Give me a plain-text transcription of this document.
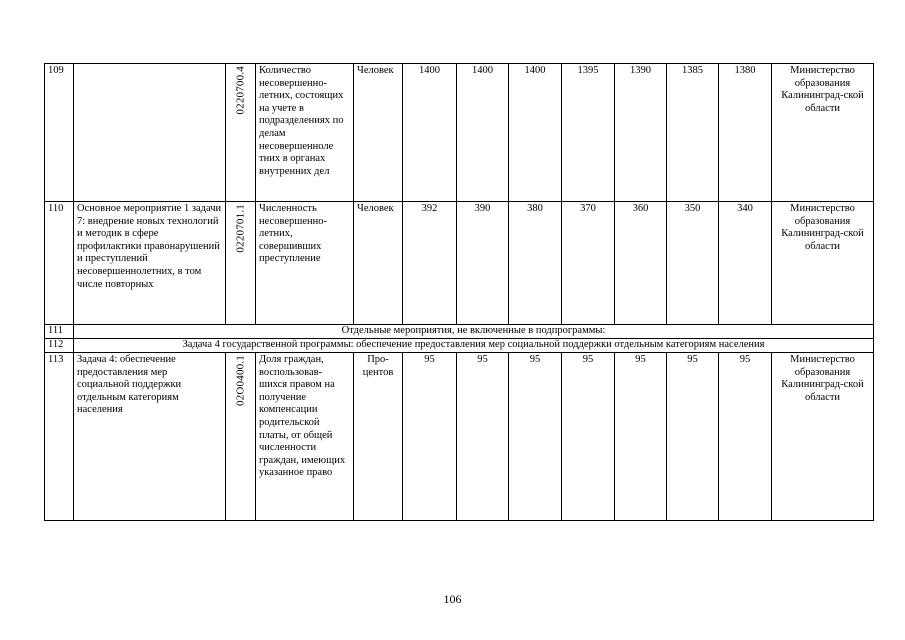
109		0220700.4	Количество несовершенно-летних, состоящих на учете в подразделениях по делам несовершенноле тних в органах внутренних дел	Человек	1400	1400	1400	1395	1390	1385	1380	Министерство образования Калининград-ской области
110	Основное мероприятие 1 задачи 7: внедрение новых технологий и методик в сфере профилактики правонарушений и преступлений несовершеннолетних, в том числе повторных	0220701.1	Численность несовершенно-летних, совершивших преступление	Человек	392	390	380	370	360	350	340	Министерство образования Калининград-ской области
111	Отдельные мероприятия, не включенные в подпрограммы:											
112	Задача 4 государственной программы: обеспечение предоставления мер социальной поддержки отдельным категориям населения											
113	Задача 4: обеспечение предоставления мер социальной поддержки отдельным категориям населения	02O0400.1	Доля граждан, воспользовав-шихся правом на получение компенсации родительской платы, от общей численности граждан, имеющих указанное право	Про-центов	95	95	95	95	95	95	95	Министерство образования Калининград-ской области
106
